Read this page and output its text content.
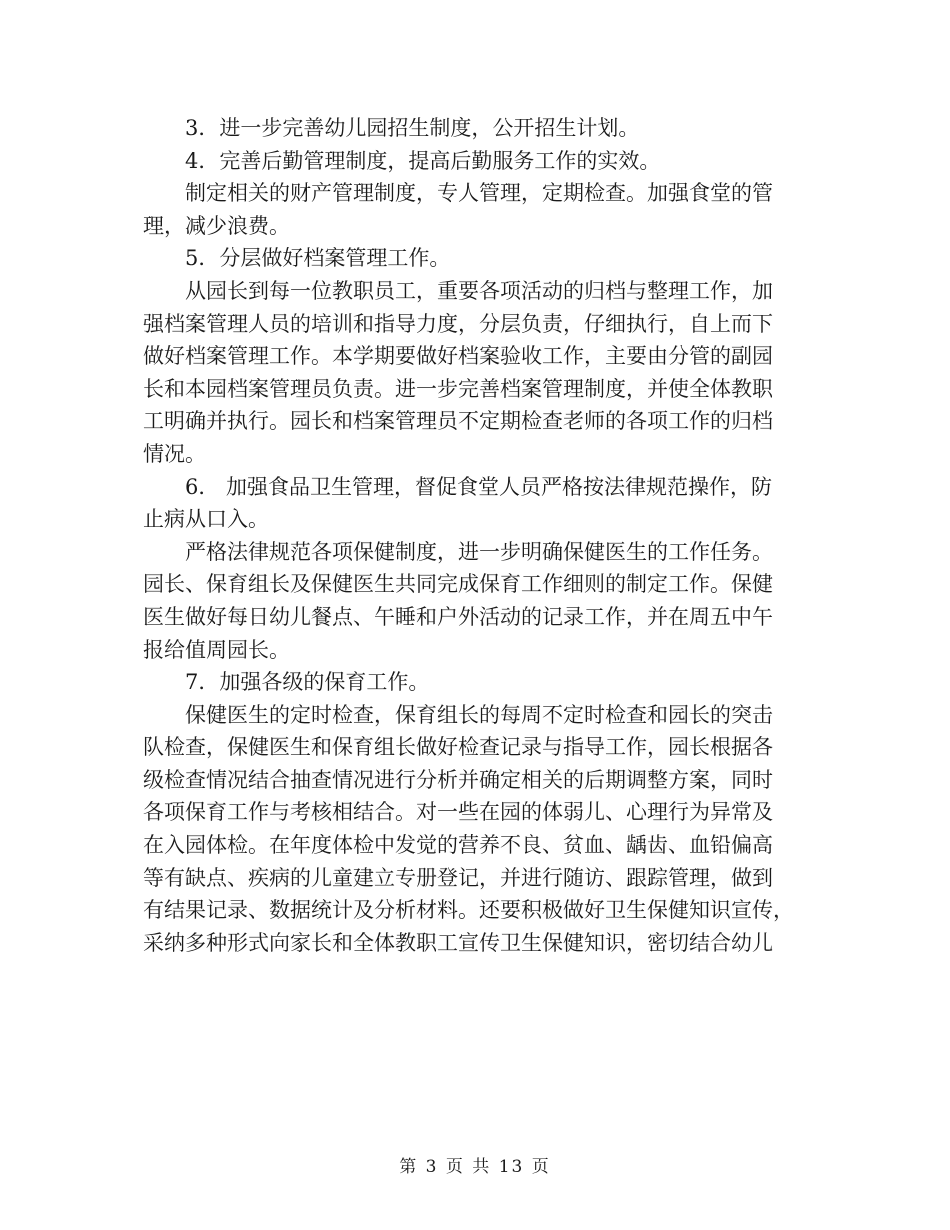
3．进一步完善幼儿园招生制度，公开招生计划。
4．完善后勤管理制度，提高后勤服务工作的实效。
制定相关的财产管理制度，专人管理，定期检查。加强食堂的管
理，减少浪费。
5．分层做好档案管理工作。
从园长到每一位教职员工，重要各项活动的归档与整理工作，加
强档案管理人员的培训和指导力度，分层负责，仔细执行，自上而下
做好档案管理工作。本学期要做好档案验收工作，主要由分管的副园
长和本园档案管理员负责。进一步完善档案管理制度，并使全体教职
工明确并执行。园长和档案管理员不定期检查老师的各项工作的归档
情况。
6． 加强食品卫生管理，督促食堂人员严格按法律规范操作，防
止病从口入。
严格法律规范各项保健制度，进一步明确保健医生的工作任务。
园长、保育组长及保健医生共同完成保育工作细则的制定工作。保健
医生做好每日幼儿餐点、午睡和户外活动的记录工作，并在周五中午
报给值周园长。
7．加强各级的保育工作。
保健医生的定时检查，保育组长的每周不定时检查和园长的突击
队检查，保健医生和保育组长做好检查记录与指导工作，园长根据各
级检查情况结合抽查情况进行分析并确定相关的后期调整方案，同时
各项保育工作与考核相结合。对一些在园的体弱儿、心理行为异常及
在入园体检。在年度体检中发觉的营养不良、贫血、龋齿、血铅偏高
等有缺点、疾病的儿童建立专册登记，并进行随访、跟踪管理，做到
有结果记录、数据统计及分析材料。还要积极做好卫生保健知识宣传，
采纳多种形式向家长和全体教职工宣传卫生保健知识，密切结合幼儿
第 3 页 共 13 页
